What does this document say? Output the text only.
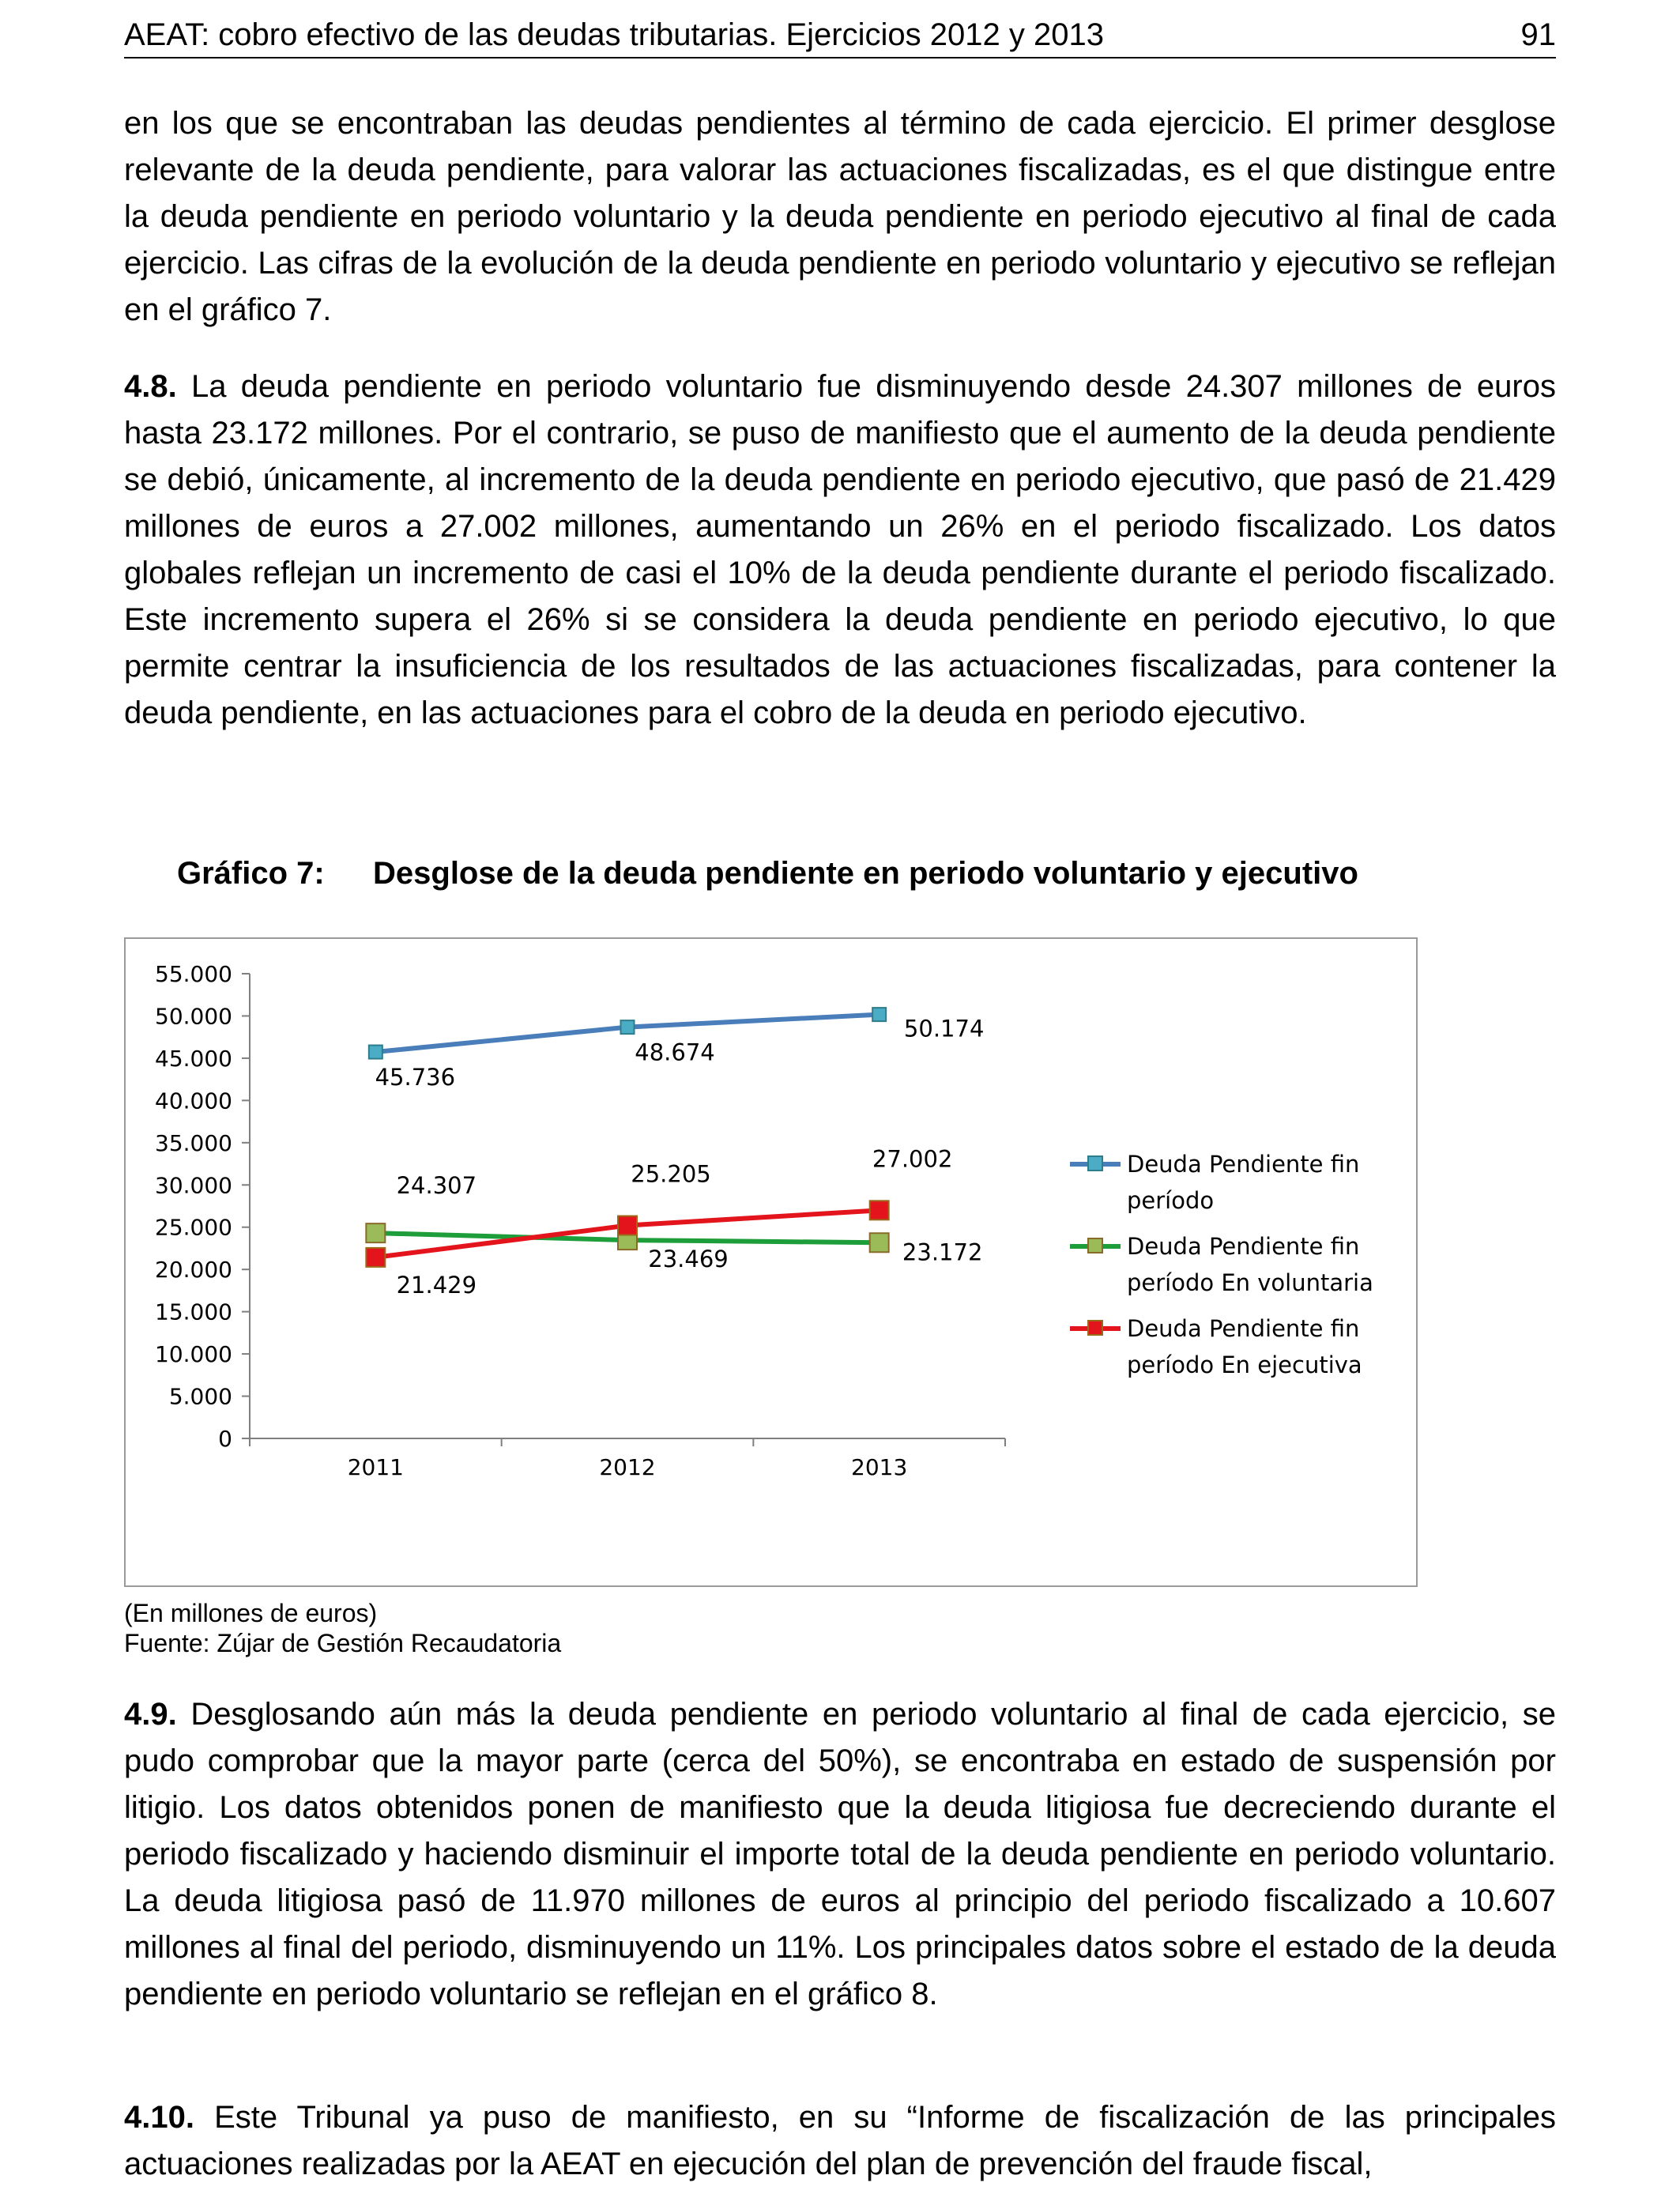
AEAT: cobro efectivo de las deudas tributarias. Ejercicios 2012 y 2013	91
en los que se encontraban las deudas pendientes al término de cada ejercicio. El primer desglose relevante de la deuda pendiente, para valorar las actuaciones fiscalizadas, es el que distingue entre la deuda pendiente en periodo voluntario y la deuda pendiente en periodo ejecutivo al final de cada ejercicio. Las cifras de la evolución de la deuda pendiente en periodo voluntario y ejecutivo se reflejan en el gráfico 7.
4.8. La deuda pendiente en periodo voluntario fue disminuyendo desde 24.307 millones de euros hasta 23.172 millones. Por el contrario, se puso de manifiesto que el aumento de la deuda pendiente se debió, únicamente, al incremento de la deuda pendiente en periodo ejecutivo, que pasó de 21.429 millones de euros a 27.002 millones, aumentando un 26% en el periodo fiscalizado. Los datos globales reflejan un incremento de casi el 10% de la deuda pendiente durante el periodo fiscalizado. Este incremento supera el 26% si se considera la deuda pendiente en periodo ejecutivo, lo que permite centrar la insuficiencia de los resultados de las actuaciones fiscalizadas, para contener la deuda pendiente, en las actuaciones para el cobro de la deuda en periodo ejecutivo.
Gráfico 7: Desglose de la deuda pendiente en periodo voluntario y ejecutivo
0
5.000
10.000
15.000
20.000
25.000
30.000
35.000
40.000
45.000
50.000
55.000
2011	2012	2013
45.736
48.674
50.174
24.307
23.469	23.172
21.429
25.205
27.002	Deuda Pendiente fin
período
Deuda Pendiente fin
período En voluntaria
Deuda Pendiente fin
período En ejecutiva
(En millones de euros)
Fuente: Zújar de Gestión Recaudatoria
4.9. Desglosando aún más la deuda pendiente en periodo voluntario al final de cada ejercicio, se pudo comprobar que la mayor parte (cerca del 50%), se encontraba en estado de suspensión por litigio. Los datos obtenidos ponen de manifiesto que la deuda litigiosa fue decreciendo durante el periodo fiscalizado y haciendo disminuir el importe total de la deuda pendiente en periodo voluntario. La deuda litigiosa pasó de 11.970 millones de euros al principio del periodo fiscalizado a 10.607 millones al final del periodo, disminuyendo un 11%. Los principales datos sobre el estado de la deuda pendiente en periodo voluntario se reflejan en el gráfico 8.
4.10. Este Tribunal ya puso de manifiesto, en su “Informe de fiscalización de las principales actuaciones realizadas por la AEAT en ejecución del plan de prevención del fraude fiscal,
